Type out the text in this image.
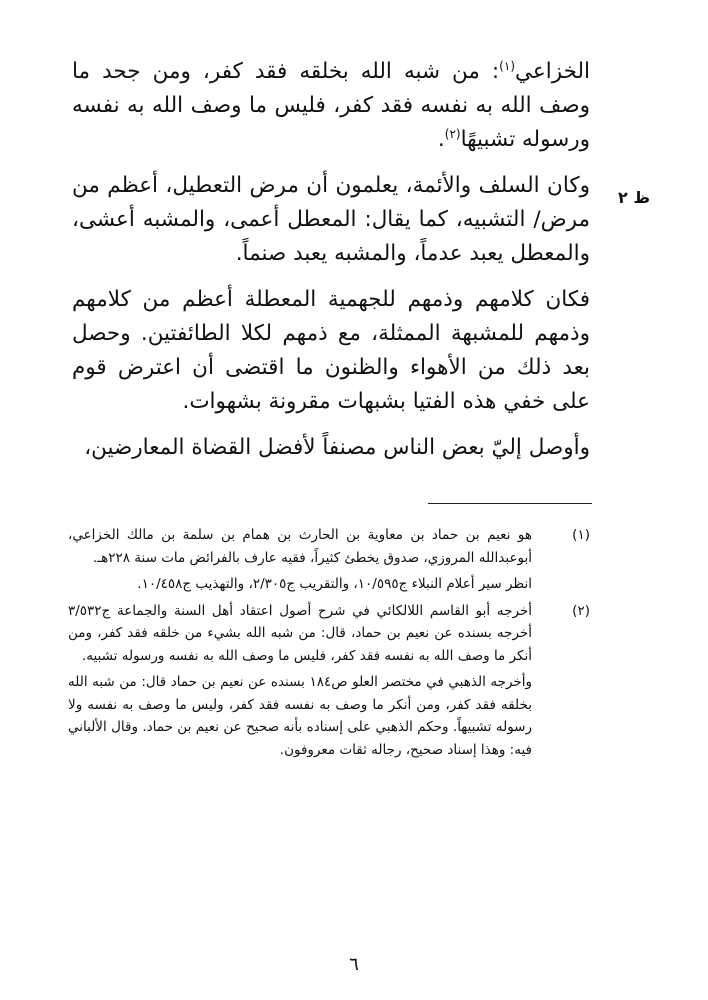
ظ ٢

الخزاعي$^{(١)}$: من شبه الله بخلقه فقد كفر، ومن جحد ما وصف الله به نفسه فقد كفر، فليس ما وصف الله به نفسه ورسوله تشبيهًا$^{(٢)}$.

وكان السلف والأئمة، يعلمون أن مرض التعطيل، أعظم من مرض/ التشبيه، كما يقال: المعطل أعمى، والمشبه أعشى، والمعطل يعبد عدماً، والمشبه يعبد صنماً.

فكان كلامهم وذمهم للجهمية المعطلة أعظم من كلامهم وذمهم للمشبهة الممثلة، مع ذمهم لكلا الطائفتين. وحصل بعد ذلك من الأهواء والظنون ما اقتضى أن اعترض قوم على خفي هذه الفتيا بشبهات مقرونة بشهوات.

وأوصل إليّ بعض الناس مصنفاً لأفضل القضاة المعارضين،

(١)

هو نعيم بن حماد بن معاوية بن الحارث بن همام بن سلمة بن مالك الخزاعي، أبوعبدالله المروزي، صدوق يخطئ كثيراً، فقيه عارف بالفرائض مات سنة ٢٢٨هـ.

انظر سير أعلام النبلاء ج١٠/٥٩٥، والتقريب ج٢/٣٠٥، والتهذيب ج١٠/٤٥٨.

(٢)

أخرجه أبو القاسم اللالكائي في شرح أصول اعتقاد أهل السنة والجماعة ج٣/٥٣٢ أخرجه بسنده عن نعيم بن حماد، قال: من شبه الله بشيء من خلقه فقد كفر، ومن أنكر ما وصف الله به نفسه فقد كفر، فليس ما وصف الله به نفسه ورسوله تشبيه.

وأخرجه الذهبي في مختصر العلو ص١٨٤ بسنده عن نعيم بن حماد قال: من شبه الله بخلقه فقد كفر، ومن أنكر ما وصف به نفسه فقد كفر، وليس ما وصف به نفسه ولا رسوله تشبيهاً. وحكم الذهبي على إسناده بأنه صحيح عن نعيم بن حماد. وقال الألباني فيه: وهذا إسناد صحيح، رجاله ثقات معروفون.

٦
